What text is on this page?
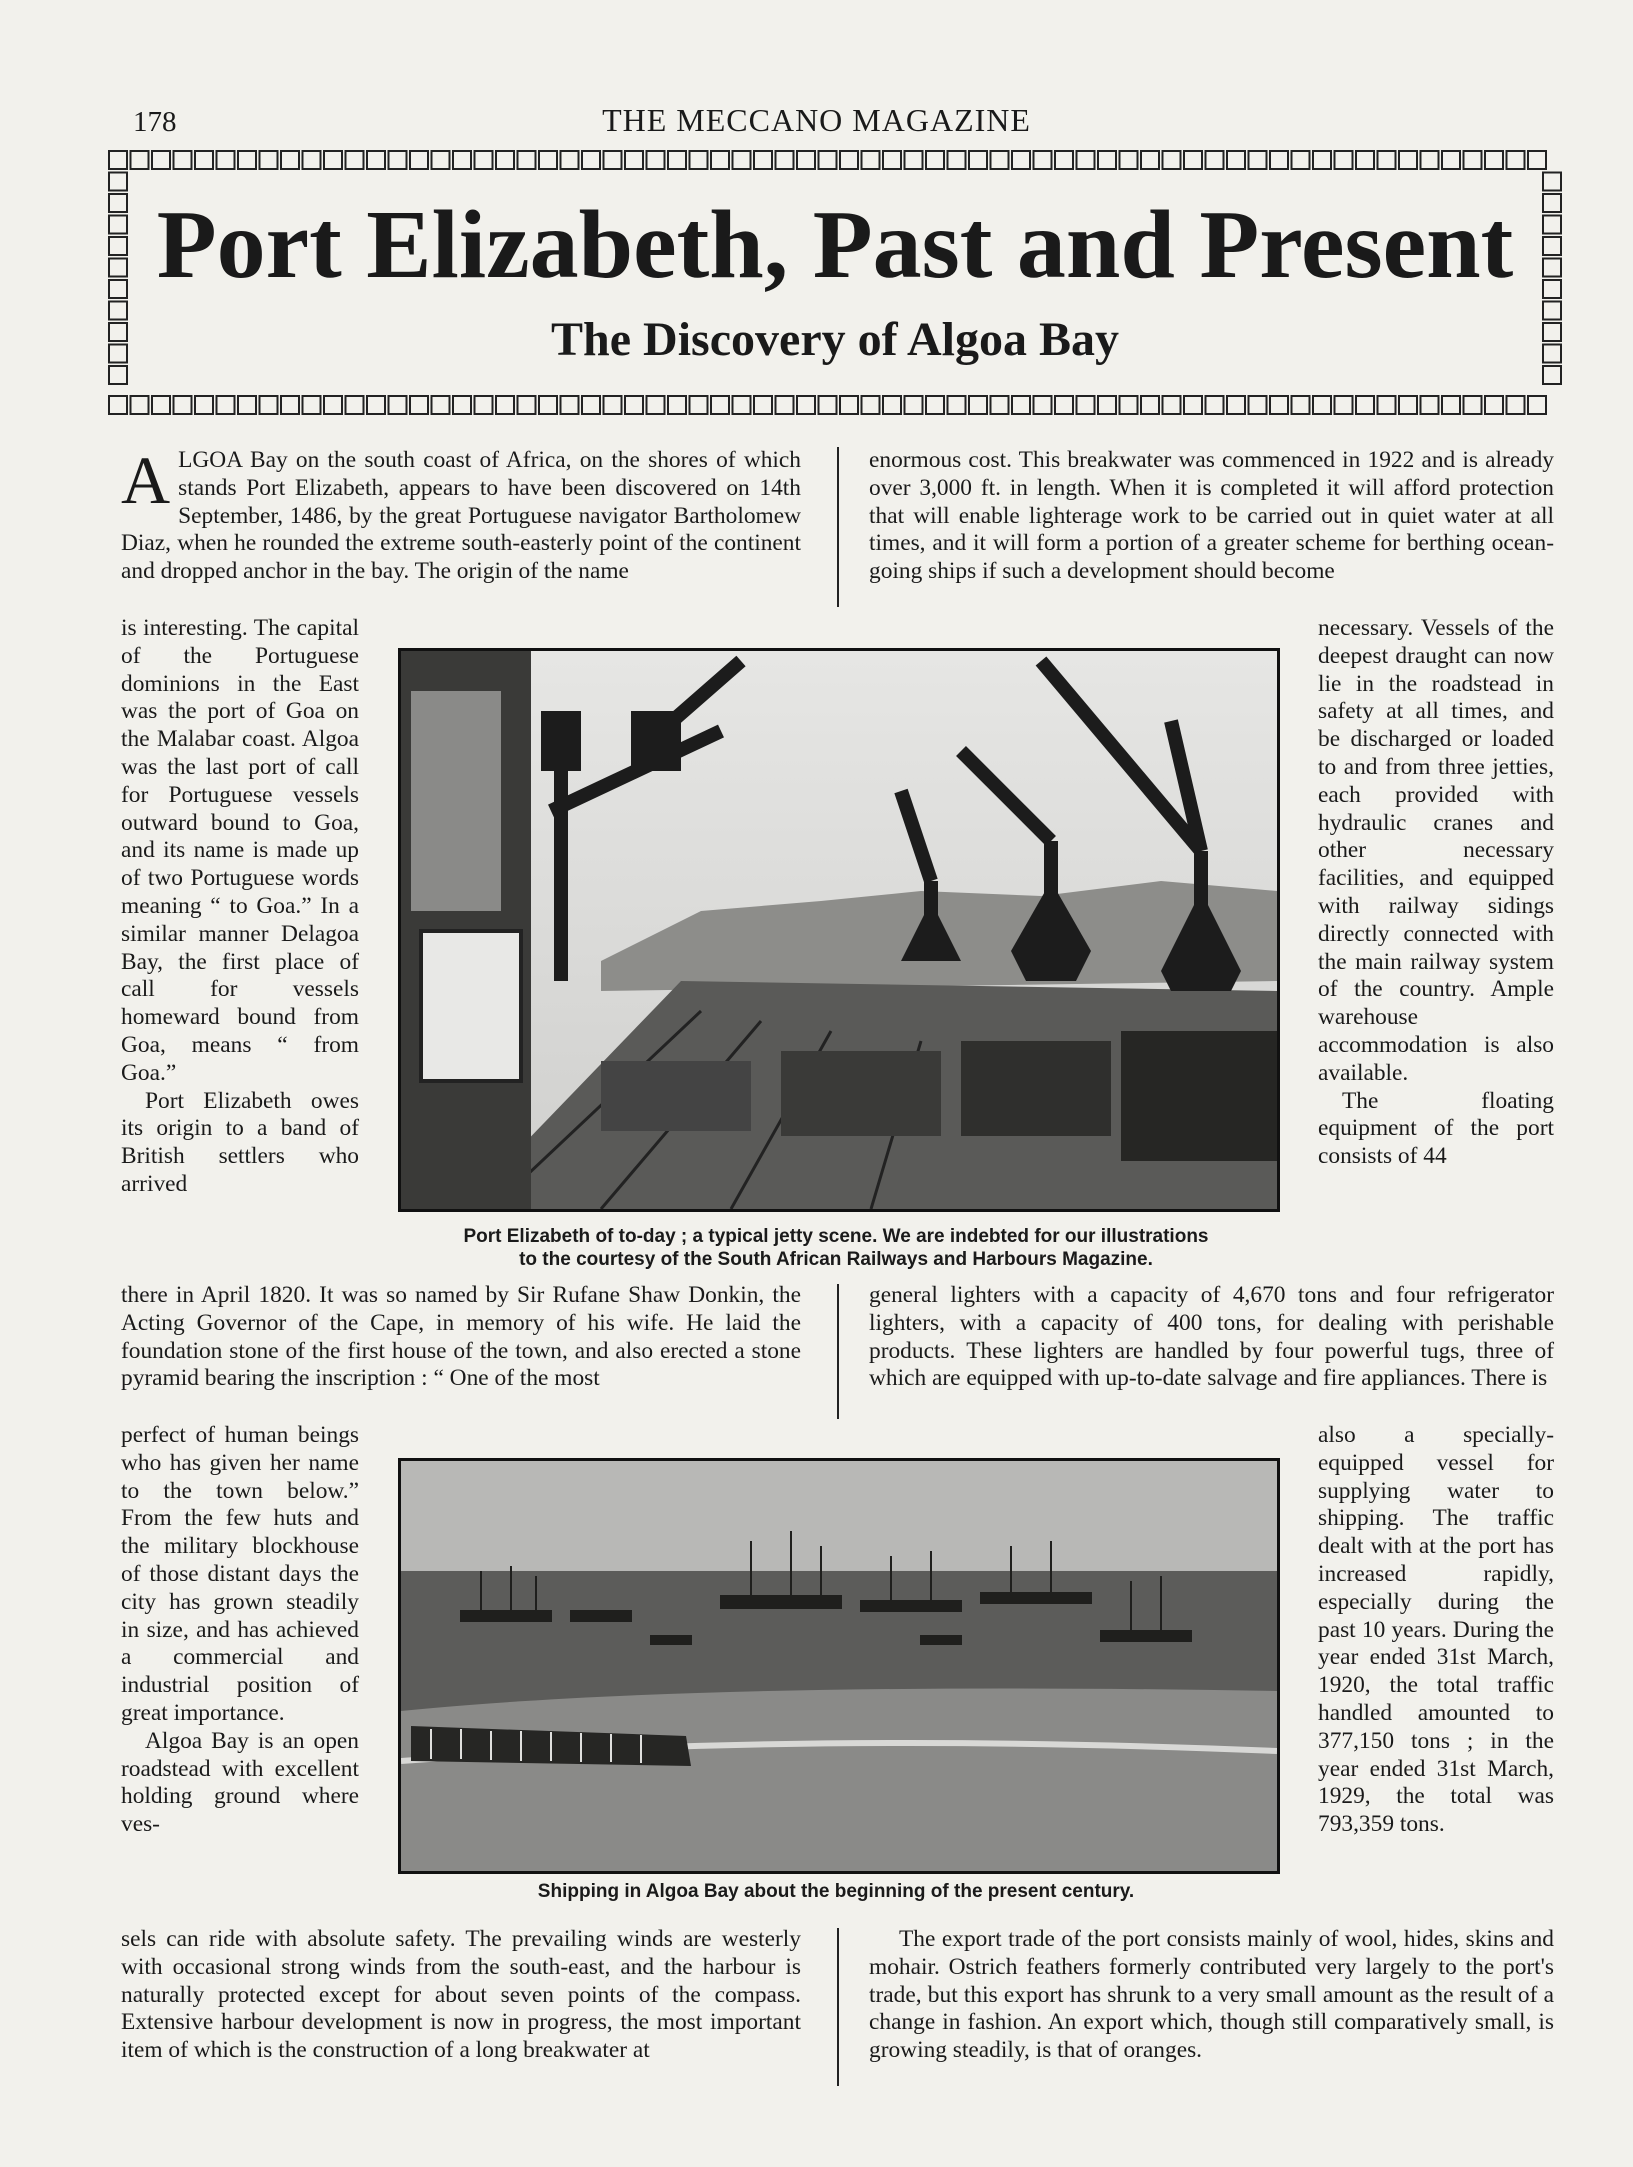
178	THE MECCANO MAGAZINE
Port Elizabeth, Past and Present
The Discovery of Algoa Bay

ALGOA Bay on the south coast of Africa, on the shores of which stands Port Elizabeth, appears to have been discovered on 14th September, 1486, by the great Portuguese navigator Bartholomew Diaz, when he rounded the extreme south-easterly point of the continent and dropped anchor in the bay. The origin of the name

is interesting. The capital of the Portuguese dominions in the East was the port of Goa on the Malabar coast. Algoa was the last port of call for Portuguese vessels outward bound to Goa, and its name is made up of two Portuguese words meaning “ to Goa.” In a similar manner Delagoa Bay, the first place of call for vessels homeward bound from Goa, means “ from Goa.”

Port Elizabeth owes its origin to a band of British settlers who arrived

there in April 1820. It was so named by Sir Rufane Shaw Donkin, the Acting Governor of the Cape, in memory of his wife. He laid the foundation stone of the first house of the town, and also erected a stone pyramid bearing the inscription : “ One of the most

perfect of human beings who has given her name to the town below.” From the few huts and the military blockhouse of those distant days the city has grown steadily in size, and has achieved a commercial and industrial position of great importance.

Algoa Bay is an open roadstead with excellent holding ground where ves-

sels can ride with absolute safety. The prevailing winds are westerly with occasional strong winds from the south-east, and the harbour is naturally protected except for about seven points of the compass. Extensive harbour development is now in progress, the most important item of which is the construction of a long breakwater at

enormous cost. This breakwater was commenced in 1922 and is already over 3,000 ft. in length. When it is completed it will afford protection that will enable lighterage work to be carried out in quiet water at all times, and it will form a portion of a greater scheme for berthing ocean-going ships if such a development should become

necessary. Vessels of the deepest draught can now lie in the roadstead in safety at all times, and be discharged or loaded to and from three jetties, each provided with hydraulic cranes and other necessary facilities, and equipped with railway sidings directly connected with the main railway system of the country. Ample warehouse accommodation is also available.

The floating equipment of the port consists of 44

general lighters with a capacity of 4,670 tons and four refrigerator lighters, with a capacity of 400 tons, for dealing with perishable products. These lighters are handled by four powerful tugs, three of which are equipped with up-to-date salvage and fire appliances. There is

also a specially-equipped vessel for supplying water to shipping. The traffic dealt with at the port has increased rapidly, especially during the past 10 years. During the year ended 31st March, 1920, the total traffic handled amounted to 377,150 tons ; in the year ended 31st March, 1929, the total was 793,359 tons.

The export trade of the port consists mainly of wool, hides, skins and mohair. Ostrich feathers formerly contributed very largely to the port's trade, but this export has shrunk to a very small amount as the result of a change in fashion. An export which, though still comparatively small, is growing steadily, is that of oranges.

Port Elizabeth of to-day ; a typical jetty scene. We are indebted for our illustrations
to the courtesy of the South African Railways and Harbours Magazine.
Shipping in Algoa Bay about the beginning of the present century.
